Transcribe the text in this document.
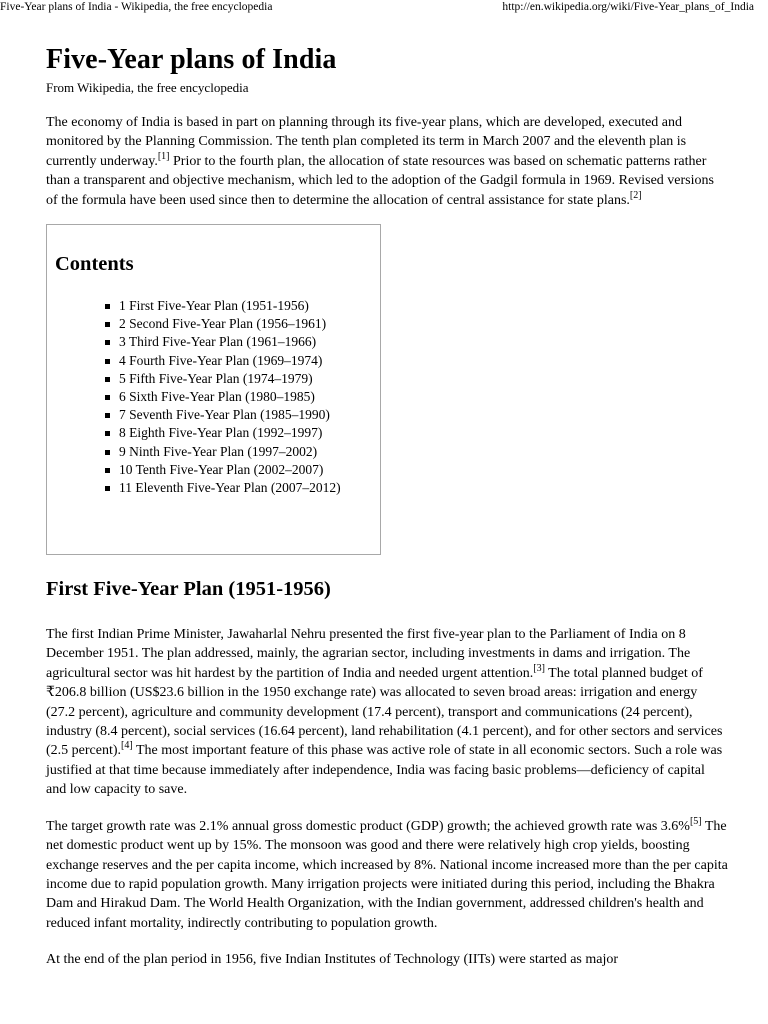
Five-Year plans of India - Wikipedia, the free encyclopedia	http://en.wikipedia.org/wiki/Five-Year_plans_of_India
Five-Year plans of India
From Wikipedia, the free encyclopedia

The economy of India is based in part on planning through its five-year plans, which are developed, executed and monitored by the Planning Commission. The tenth plan completed its term in March 2007 and the eleventh plan is currently underway.[1] Prior to the fourth plan, the allocation of state resources was based on schematic patterns rather than a transparent and objective mechanism, which led to the adoption of the Gadgil formula in 1969. Revised versions of the formula have been used since then to determine the allocation of central assistance for state plans.[2]

Contents
1 First Five-Year Plan (1951-1956)
2 Second Five-Year Plan (1956–1961)
3 Third Five-Year Plan (1961–1966)
4 Fourth Five-Year Plan (1969–1974)
5 Fifth Five-Year Plan (1974–1979)
6 Sixth Five-Year Plan (1980–1985)
7 Seventh Five-Year Plan (1985–1990)
8 Eighth Five-Year Plan (1992–1997)
9 Ninth Five-Year Plan (1997–2002)
10 Tenth Five-Year Plan (2002–2007)
11 Eleventh Five-Year Plan (2007–2012)
First Five-Year Plan (1951-1956)

The first Indian Prime Minister, Jawaharlal Nehru presented the first five-year plan to the Parliament of India on 8 December 1951. The plan addressed, mainly, the agrarian sector, including investments in dams and irrigation. The agricultural sector was hit hardest by the partition of India and needed urgent attention.[3] The total planned budget of ₹206.8 billion (US$23.6 billion in the 1950 exchange rate) was allocated to seven broad areas: irrigation and energy (27.2 percent), agriculture and community development (17.4 percent), transport and communications (24 percent), industry (8.4 percent), social services (16.64 percent), land rehabilitation (4.1 percent), and for other sectors and services (2.5 percent).[4] The most important feature of this phase was active role of state in all economic sectors. Such a role was justified at that time because immediately after independence, India was facing basic problems—deficiency of capital and low capacity to save.

The target growth rate was 2.1% annual gross domestic product (GDP) growth; the achieved growth rate was 3.6%[5] The net domestic product went up by 15%. The monsoon was good and there were relatively high crop yields, boosting exchange reserves and the per capita income, which increased by 8%. National income increased more than the per capita income due to rapid population growth. Many irrigation projects were initiated during this period, including the Bhakra Dam and Hirakud Dam. The World Health Organization, with the Indian government, addressed children's health and reduced infant mortality, indirectly contributing to population growth.

At the end of the plan period in 1956, five Indian Institutes of Technology (IITs) were started as major
